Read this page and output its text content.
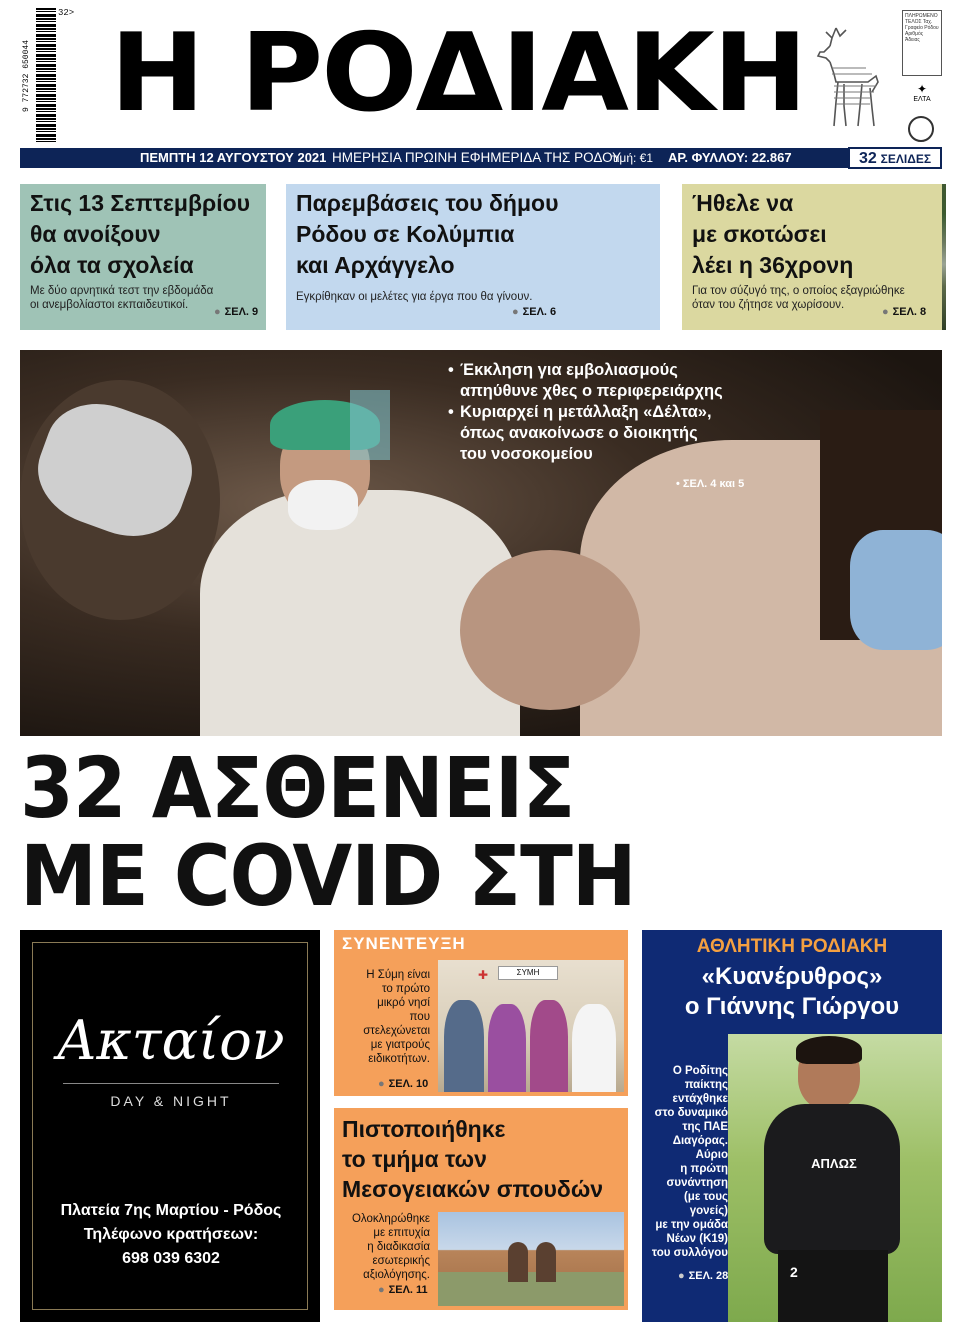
9 772732 650044
32> Η ΡΟΔΙΑΚΗ	ΠΛΗΡΩΜΕΝΟ ΤΕΛΟΣ Ταχ. Γραφείο Ρόδου Αριθμός Άδειας
✦
ΕΛΤΑ
ΠΕΜΠΤΗ 12 ΑΥΓΟΥΣΤΟΥ 2021 ΗΜΕΡΗΣΙΑ ΠΡΩΙΝΗ ΕΦΗΜΕΡΙΔΑ ΤΗΣ ΡΟΔΟΥ
τιμή: €1 ΑΡ. ΦΥΛΛΟΥ: 22.867	32 ΣΕΛΙΔΕΣ
Στις 13 Σεπτεμβρίου
θα ανοίξουν
όλα τα σχολεία
Με δύο αρνητικά τεστ την εβδομάδα
οι ανεμβολίαστοι εκπαιδευτικοί.
● ΣΕΛ. 9
Παρεμβάσεις του δήμου
Ρόδου σε Κολύμπια
και Αρχάγγελο
Εγκρίθηκαν οι μελέτες για έργα που θα γίνουν.
● ΣΕΛ. 6
Ήθελε να
με σκοτώσει
λέει η 36χρονη
Για τον σύζυγό της, ο οποίος εξαγριώθηκε
όταν του ζήτησε να χωρίσουν.
● ΣΕΛ. 8
• Έκκληση για εμβολιασμούς
απηύθυνε χθες ο περιφερειάρχης
• Κυριαρχεί η μετάλλαξη «Δέλτα»,
όπως ανακοίνωσε ο διοικητής
του νοσοκομείου
• ΣΕΛ. 4 και 5
32 ΑΣΘΕΝΕΙΣ
ΜΕ COVID ΣΤΗ
Ακταίον
DAY & NIGHT
Πλατεία 7ης Μαρτίου - Ρόδος
Τηλέφωνο κρατήσεων:
698 039 6302
ΣΥΝΕΝΤΕΥΞΗ
Η Σύμη είναι
το πρώτο
μικρό νησί
που
στελεχώνεται
με γιατρούς
ειδικοτήτων.
● ΣΕΛ. 10
ΣΥΜΗ
✚
Πιστοποιήθηκε
το τμήμα των
Μεσογειακών σπουδών
Ολοκληρώθηκε
με επιτυχία
η διαδικασία
εσωτερικής
αξιολόγησης.
● ΣΕΛ. 11
ΑΘΛΗΤΙΚΗ ΡΟΔΙΑΚΗ
«Κυανέρυθρος»
ο Γιάννης Γιώργου
Ο Ροδίτης
παίκτης
εντάχθηκε
στο δυναμικό
της ΠΑΕ
Διαγόρας.
Αύριο
η πρώτη
συνάντηση
(με τους
γονείς)
με την ομάδα
Νέων (Κ19)
του συλλόγου
● ΣΕΛ. 28
ΑΠΛΩΣ
2
